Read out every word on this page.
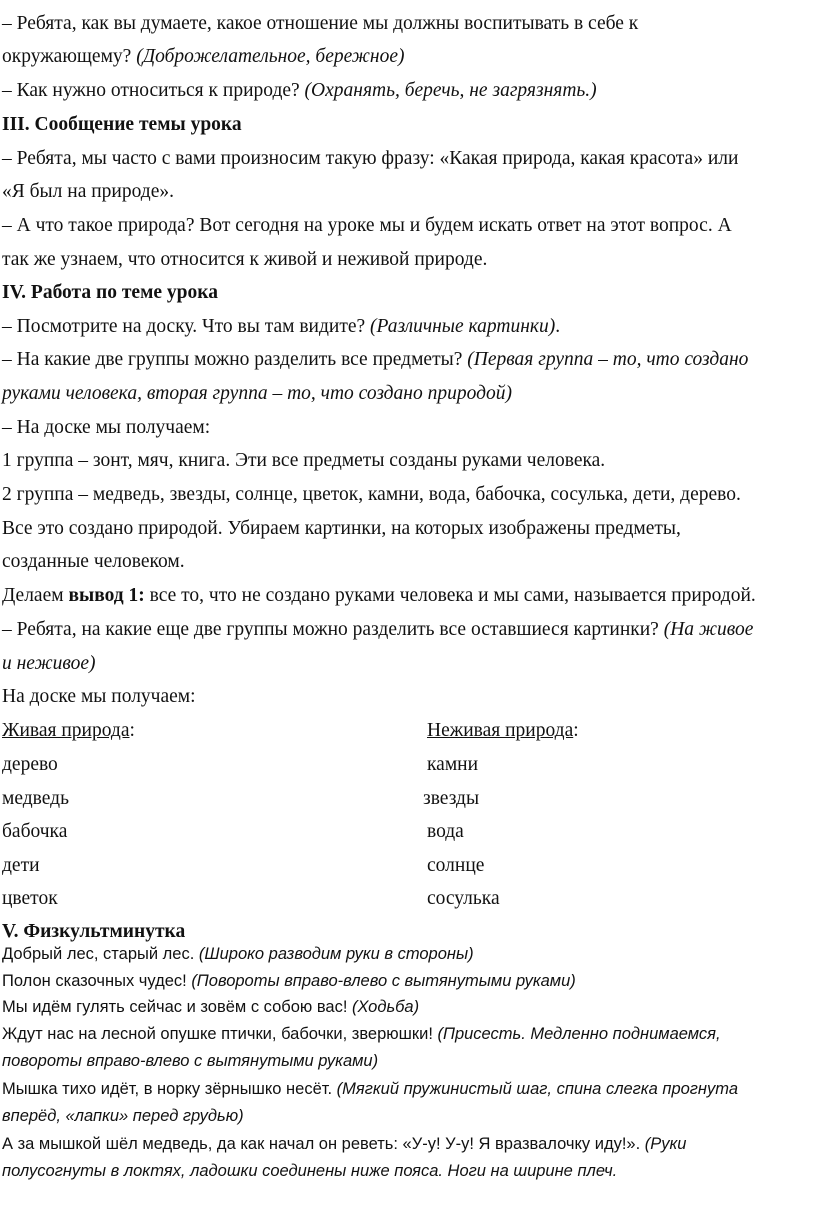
– Ребята, как вы думаете, какое отношение мы должны воспитывать в себе к
окружающему? (Доброжелательное, бережное)
– Как нужно относиться к природе? (Охранять, беречь, не загрязнять.)
III. Сообщение темы урока
– Ребята, мы часто с вами произносим такую фразу: «Какая природа, какая красота» или
«Я был на природе».
– А что такое природа? Вот сегодня на уроке мы и будем искать ответ на этот вопрос. А
так же узнаем, что относится к живой и неживой природе.
IV. Работа по теме урока
– Посмотрите на доску. Что вы там видите? (Различные картинки).
– На какие две группы можно разделить все предметы? (Первая группа – то, что создано
руками человека, вторая группа – то, что создано природой)
– На доске мы получаем:
1 группа – зонт, мяч, книга. Эти все предметы созданы руками человека.
2 группа – медведь, звезды, солнце, цветок, камни, вода, бабочка, сосулька, дети, дерево.
Все это создано природой. Убираем картинки, на которых изображены предметы,
созданные человеком.
Делаем вывод 1: все то, что не создано руками человека и мы сами, называется природой.
– Ребята, на какие еще две группы можно разделить все оставшиеся картинки? (На живое
и неживое)
На доске мы получаем:
Живая природа:	Неживая природа:
дерево
медведь
бабочка
дети
цветок
камни
звезды
вода
солнце
сосулька
V. Физкультминутка
Добрый лес, старый лес. (Широко разводим руки в стороны)
Полон сказочных чудес! (Повороты вправо-влево с вытянутыми руками)
Мы идём гулять сейчас и зовём с собою вас! (Ходьба)
Ждут нас на лесной опушке птички, бабочки, зверюшки! (Присесть. Медленно поднимаемся,
повороты вправо-влево с вытянутыми руками)
Мышка тихо идёт, в норку зёрнышко несёт. (Мягкий пружинистый шаг, спина слегка прогнута
вперёд, «лапки» перед грудью)
А за мышкой шёл медведь, да как начал он реветь: «У-у! У-у! Я вразвалочку иду!». (Руки
полусогнуты в локтях, ладошки соединены ниже пояса. Ноги на ширине плеч.
